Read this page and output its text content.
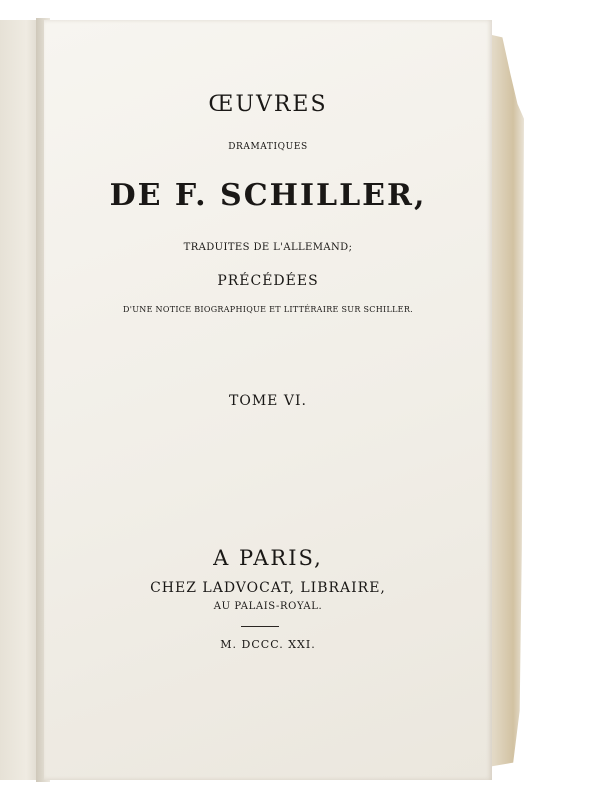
ŒUVRES
DRAMATIQUES
DE F. SCHILLER,
TRADUITES DE L'ALLEMAND;
PRÉCÉDÉES
D'UNE NOTICE BIOGRAPHIQUE ET LITTÉRAIRE SUR SCHILLER.
TOME VI.
A PARIS,
CHEZ LADVOCAT, LIBRAIRE,
AU PALAIS-ROYAL.
M. DCCC. XXI.
